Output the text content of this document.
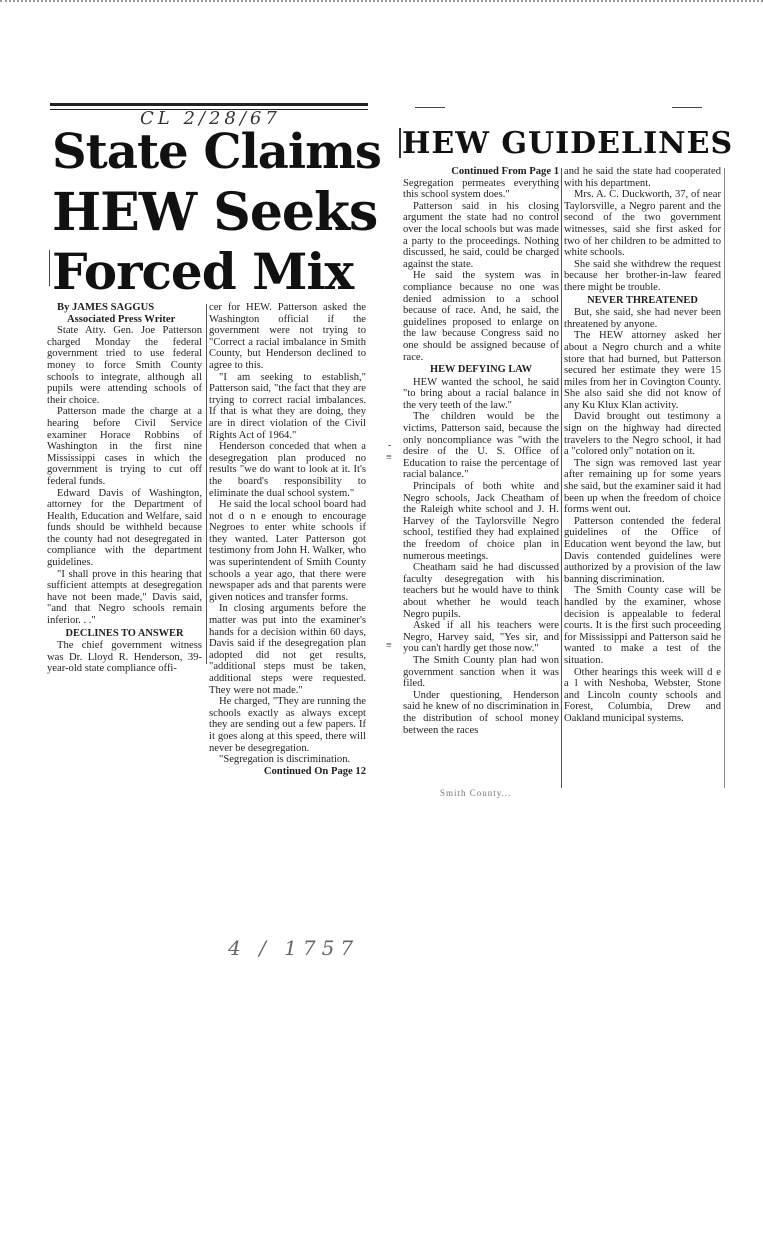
CL 2/28/67
State Claims
HEW Seeks
Forced Mix

By JAMES SAGGUS

Associated Press Writer

State Atty. Gen. Joe Patterson charged Monday the federal government tried to use federal money to force Smith County schools to integrate, although all pupils were attending schools of their choice.

Patterson made the charge at a hearing before Civil Service examiner Horace Robbins of Washington in the first nine Mississippi cases in which the government is trying to cut off federal funds.

Edward Davis of Washington, attorney for the Department of Health, Education and Welfare, said funds should be withheld because the county had not desegregated in compliance with the department guidelines.

"I shall prove in this hearing that sufficient attempts at desegregation have not been made," Davis said, "and that Negro schools remain inferior. . ."

DECLINES TO ANSWER

The chief government witness was Dr. Lloyd R. Henderson, 39-year-old state compliance offi-

cer for HEW. Patterson asked the Washington official if the government were not trying to "Correct a racial imbalance in Smith County, but Henderson declined to agree to this.

"I am seeking to establish," Patterson said, "the fact that they are trying to correct racial imbalances. If that is what they are doing, they are in direct violation of the Civil Rights Act of 1964."

Henderson conceded that when a desegregation plan produced no results "we do want to look at it. It's the board's responsibility to eliminate the dual school system."

He said the local school board had not d o n e enough to encourage Negroes to enter white schools if they wanted. Later Patterson got testimony from John H. Walker, who was superintendent of Smith County schools a year ago, that there were newspaper ads and that parents were given notices and transfer forms.

In closing arguments before the matter was put into the examiner's hands for a decision within 60 days, Davis said if the desegregation plan adopted did not get results, "additional steps must be taken, additional steps were requested. They were not made."

He charged, "They are running the schools exactly as always except they are sending out a few papers. If it goes along at this speed, there will never be desegregation.

"Segregation is discrimination.

Continued On Page 12

HEW GUIDELINES

Continued From Page 1

Segregation permeates everything this school system does."

Patterson said in his closing argument the state had no control over the local schools but was made a party to the proceedings. Nothing discussed, he said, could be charged against the state.

He said the system was in compliance because no one was denied admission to a school because of race. And, he said, the guidelines proposed to enlarge on the law because Congress said no one should be assigned because of race.

HEW DEFYING LAW

HEW wanted the school, he said "to bring about a racial balance in the very teeth of the law."

The children would be the victims, Patterson said, because the only noncompliance was "with the desire of the U. S. Office of Education to raise the percentage of racial balance."

Principals of both white and Negro schools, Jack Cheatham of the Raleigh white school and J. H. Harvey of the Taylorsville Negro school, testified they had explained the freedom of choice plan in numerous meetings.

Cheatham said he had discussed faculty desegregation with his teachers but he would have to think about whether he would teach Negro pupils.

Asked if all his teachers were Negro, Harvey said, "Yes sir, and you can't hardly get those now."

The Smith County plan had won government sanction when it was filed.

Under questioning, Henderson said he knew of no discrimination in the distribution of school money between the races

and he said the state had cooperated with his department.

Mrs. A. C. Duckworth, 37, of near Taylorsville, a Negro parent and the second of the two government witnesses, said she first asked for two of her children to be admitted to white schools.

She said she withdrew the request because her brother-in-law feared there might be trouble.

NEVER THREATENED

But, she said, she had never been threatened by anyone.

The HEW attorney asked her about a Negro church and a white store that had burned, but Patterson secured her estimate they were 15 miles from her in Covington County. She also said she did not know of any Ku Klux Klan activity.

David brought out testimony a sign on the highway had directed travelers to the Negro school, it had a "colored only" notation on it.

The sign was removed last year after remaining up for some years she said, but the examiner said it had been up when the freedom of choice forms went out.

Patterson contended the federal guidelines of the Office of Education went beyond the law, but Davis contended guidelines were authorized by a provision of the law banning discrimination.

The Smith County case will be handled by the examiner, whose decision is appealable to federal courts. It is the first such proceeding for Mississippi and Patterson said he wanted to make a test of the situation.

Other hearings this week will d e a l with Neshoba, Webster, Stone and Lincoln county schools and Forest, Columbia, Drew and Oakland municipal systems.

-
≡
≡
Smith County...
4 / 1757
